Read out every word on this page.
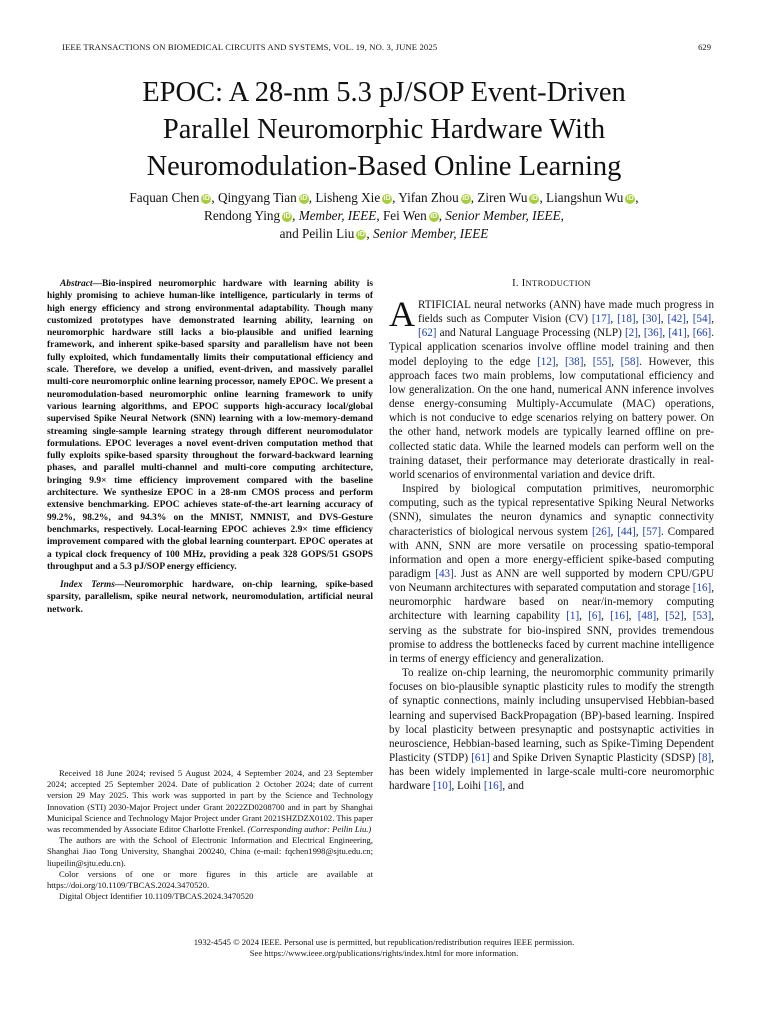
IEEE TRANSACTIONS ON BIOMEDICAL CIRCUITS AND SYSTEMS, VOL. 19, NO. 3, JUNE 2025	629
EPOC: A 28-nm 5.3 pJ/SOP Event-Driven
Parallel Neuromorphic Hardware With
Neuromodulation-Based Online Learning
Faquan Chen iD , Qingyang Tian iD , Lisheng Xie iD , Yifan Zhou iD , Ziren Wu iD , Liangshun Wu iD ,
Rendong Ying iD , Member, IEEE, Fei Wen iD , Senior Member, IEEE,
and Peilin Liu iD , Senior Member, IEEE
Abstract—Bio-inspired neuromorphic hardware with learning ability is highly promising to achieve human-like intelligence, particularly in terms of high energy efficiency and strong environmental adaptability. Though many customized prototypes have demonstrated learning ability, learning on neuromorphic hardware still lacks a bio-plausible and unified learning framework, and inherent spike-based sparsity and parallelism have not been fully exploited, which fundamentally limits their computational efficiency and scale. Therefore, we develop a unified, event-driven, and massively parallel multi-core neuromorphic online learning processor, namely EPOC. We present a neuromodulation-based neuromorphic online learning framework to unify various learning algorithms, and EPOC supports high-accuracy local/global supervised Spike Neural Network (SNN) learning with a low-memory-demand streaming single-sample learning strategy through different neuromodulator formulations. EPOC leverages a novel event-driven computation method that fully exploits spike-based sparsity throughout the forward-backward learning phases, and parallel multi-channel and multi-core computing architecture, bringing 9.9× time efficiency improvement compared with the baseline architecture. We synthesize EPOC in a 28-nm CMOS process and perform extensive benchmarking. EPOC achieves state-of-the-art learning accuracy of 99.2%, 98.2%, and 94.3% on the MNIST, NMNIST, and DVS-Gesture benchmarks, respectively. Local-learning EPOC achieves 2.9× time efficiency improvement compared with the global learning counterpart. EPOC operates at a typical clock frequency of 100 MHz, providing a peak 328 GOPS/51 GSOPS throughput and a 5.3 pJ/SOP energy efficiency.
Index Terms—Neuromorphic hardware, on-chip learning, spike-based sparsity, parallelism, spike neural network, neuromodulation, artificial neural network.

Received 18 June 2024; revised 5 August 2024, 4 September 2024, and 23 September 2024; accepted 25 September 2024. Date of publication 2 October 2024; date of current version 29 May 2025. This work was supported in part by the Science and Technology Innovation (STI) 2030-Major Project under Grant 2022ZD0208700 and in part by Shanghai Municipal Science and Technology Major Project under Grant 2021SHZDZX0102. This paper was recommended by Associate Editor Charlotte Frenkel. (Corresponding author: Peilin Liu.)

The authors are with the School of Electronic Information and Electrical Engineering, Shanghai Jiao Tong University, Shanghai 200240, China (e-mail: fqchen1998@sjtu.edu.cn; liupeilin@sjtu.edu.cn).

Color versions of one or more figures in this article are available at https://doi.org/10.1109/TBCAS.2024.3470520.

Digital Object Identifier 10.1109/TBCAS.2024.3470520

I. INTRODUCTION

ARTIFICIAL neural networks (ANN) have made much progress in fields such as Computer Vision (CV) [17], [18], [30], [42], [54], [62] and Natural Language Processing (NLP) [2], [36], [41], [66]. Typical application scenarios involve offline model training and then model deploying to the edge [12], [38], [55], [58]. However, this approach faces two main problems, low computational efficiency and low generalization. On the one hand, numerical ANN inference involves dense energy-consuming Multiply-Accumulate (MAC) operations, which is not conducive to edge scenarios relying on battery power. On the other hand, network models are typically learned offline on pre-collected static data. While the learned models can perform well on the training dataset, their performance may deteriorate drastically in real-world scenarios of environmental variation and device drift.

Inspired by biological computation primitives, neuromorphic computing, such as the typical representative Spiking Neural Networks (SNN), simulates the neuron dynamics and synaptic connectivity characteristics of biological nervous system [26], [44], [57]. Compared with ANN, SNN are more versatile on processing spatio-temporal information and open a more energy-efficient spike-based computing paradigm [43]. Just as ANN are well supported by modern CPU/GPU von Neumann architectures with separated computation and storage [16], neuromorphic hardware based on near/in-memory computing architecture with learning capability [1], [6], [16], [48], [52], [53], serving as the substrate for bio-inspired SNN, provides tremendous promise to address the bottlenecks faced by current machine intelligence in terms of energy efficiency and generalization.

To realize on-chip learning, the neuromorphic community primarily focuses on bio-plausible synaptic plasticity rules to modify the strength of synaptic connections, mainly including unsupervised Hebbian-based learning and supervised BackPropagation (BP)-based learning. Inspired by local plasticity between presynaptic and postsynaptic activities in neuroscience, Hebbian-based learning, such as Spike-Timing Dependent Plasticity (STDP) [61] and Spike Driven Synaptic Plasticity (SDSP) [8], has been widely implemented in large-scale multi-core neuromorphic hardware [10], Loihi [16], and

1932-4545 © 2024 IEEE. Personal use is permitted, but republication/redistribution requires IEEE permission.
See https://www.ieee.org/publications/rights/index.html for more information.
